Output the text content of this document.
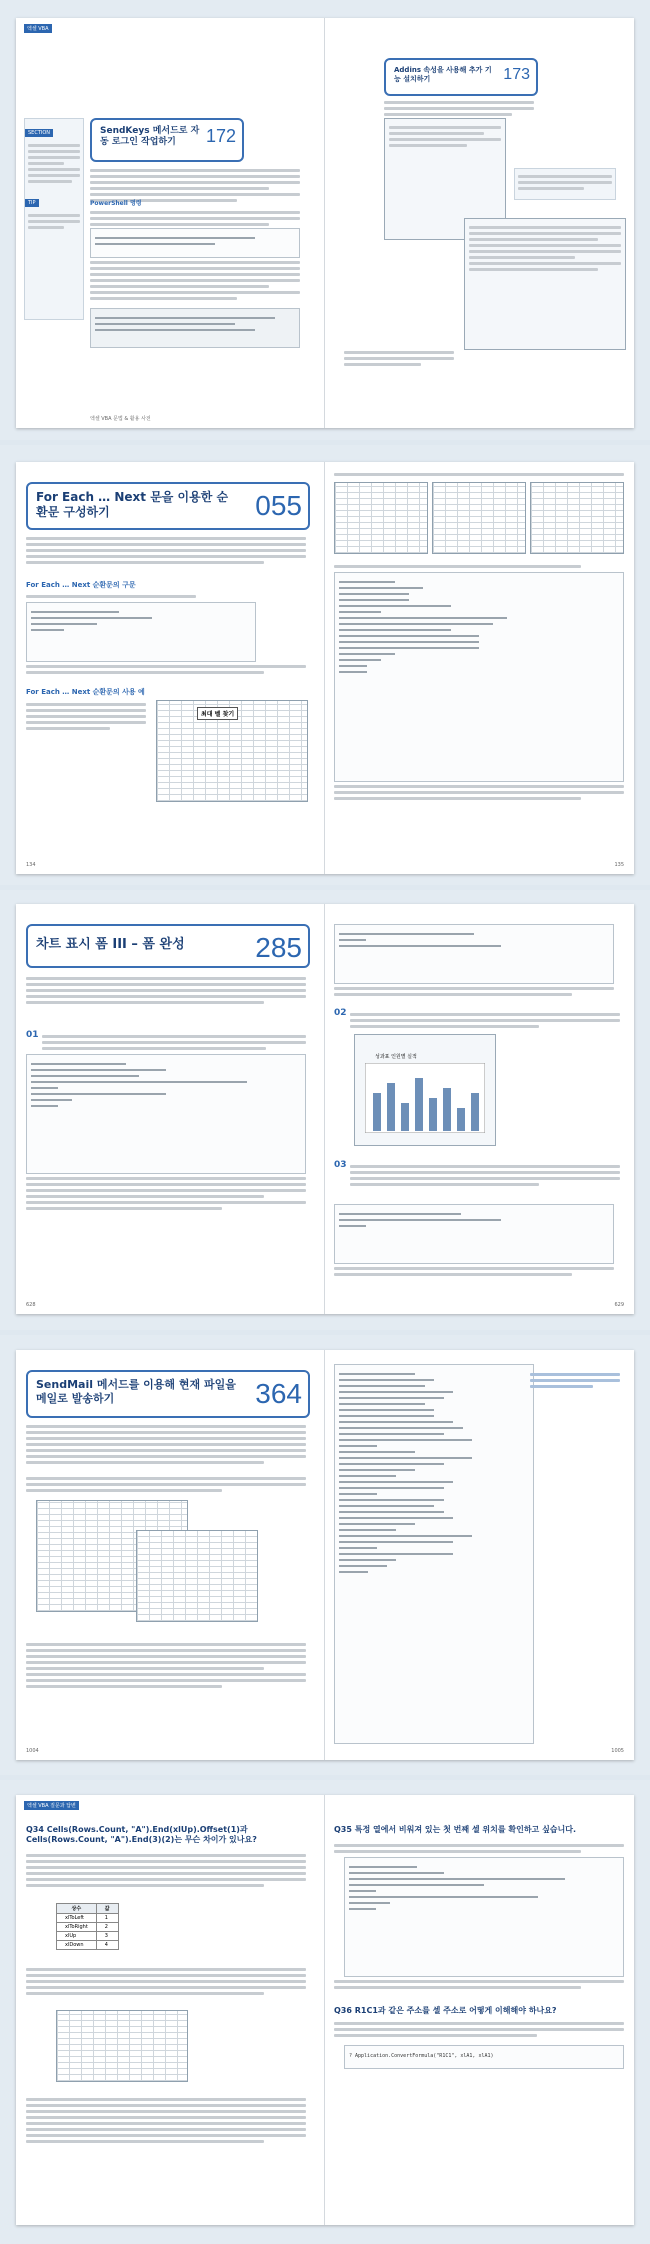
엑셀 VBA
SECTION
TIP
SendKeys 메서드로 자동 로그인 작업하기	172
PowerShell 명령
엑셀 VBA 문법 & 활용 사전
Addins 속성을 사용해 추가 기능 설치하기	173
For Each … Next 문을 이용한 순환문 구성하기	055
For Each … Next 순환문의 구문
For Each … Next 순환문의 사용 예
최대 벨 찾기
134	135
차트 표시 폼 III – 폼 완성	285
01
628
02
성과표 인원별 실적
03
629
SendMail 메서드를 이용해 현재 파일을 메일로 발송하기	364
1004	1005
엑셀 VBA 질문과 답변
Q34 Cells(Rows.Count, "A").End(xlUp).Offset(1)과 Cells(Rows.Count, "A").End(3)(2)는 무슨 차이가 있나요?
상수	값
xlToLeft	1
xlToRight	2
xlUp	3
xlDown	4
Q35 특정 열에서 비워져 있는 첫 번째 셀 위치를 확인하고 싶습니다.
Q36 R1C1과 같은 주소를 셀 주소로 어떻게 이해해야 하나요?
? Application.ConvertFormula("R1C1", xlA1, xlA1)
